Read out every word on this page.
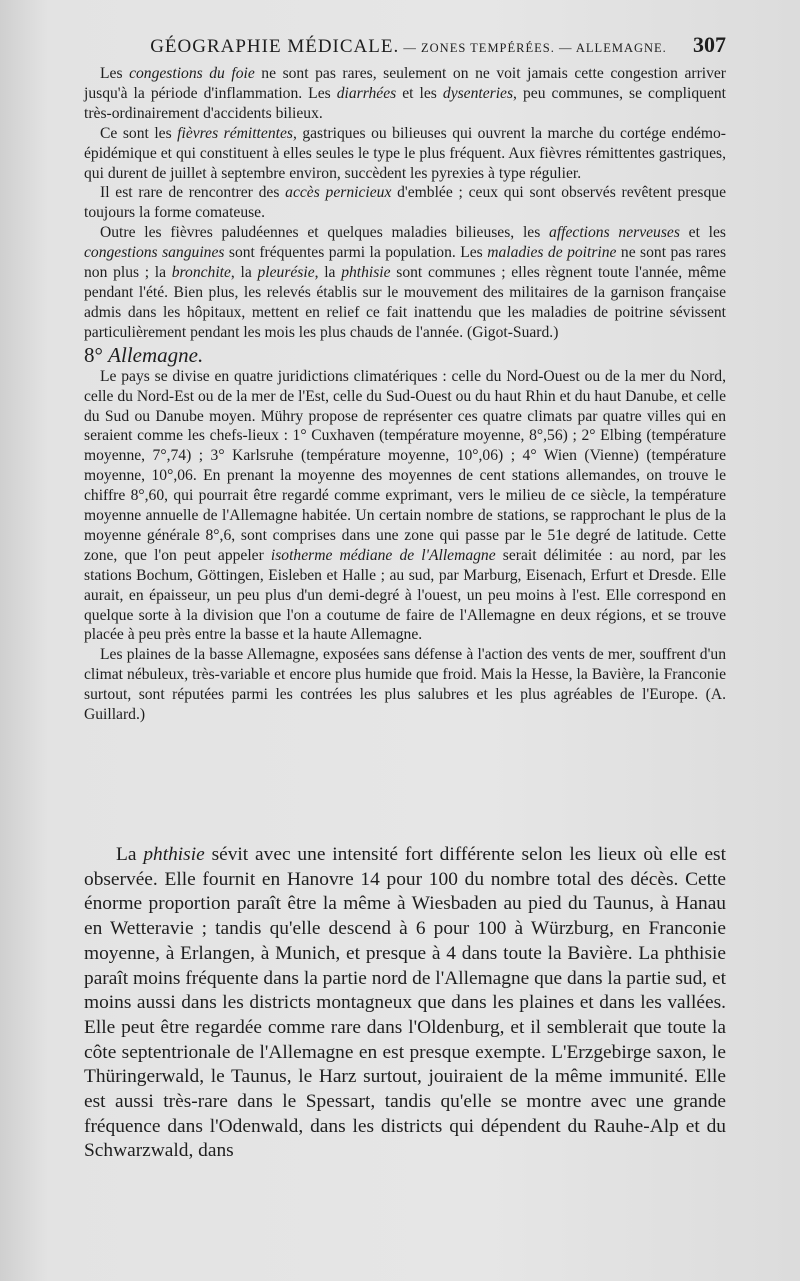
GÉOGRAPHIE MÉDICALE. — ZONES TEMPÉRÉES. — ALLEMAGNE.	307

Les congestions du foie ne sont pas rares, seulement on ne voit jamais cette congestion arriver jusqu'à la période d'inflammation. Les diarrhées et les dysenteries, peu communes, se compliquent très-ordinairement d'accidents bilieux.

Ce sont les fièvres rémittentes, gastriques ou bilieuses qui ouvrent la marche du cortége endémo-épidémique et qui constituent à elles seules le type le plus fréquent. Aux fièvres rémittentes gastriques, qui durent de juillet à septembre environ, succèdent les pyrexies à type régulier.

Il est rare de rencontrer des accès pernicieux d'emblée ; ceux qui sont observés revêtent presque toujours la forme comateuse.

Outre les fièvres paludéennes et quelques maladies bilieuses, les affections nerveuses et les congestions sanguines sont fréquentes parmi la population. Les maladies de poitrine ne sont pas rares non plus ; la bronchite, la pleurésie, la phthisie sont communes ; elles règnent toute l'année, même pendant l'été. Bien plus, les relevés établis sur le mouvement des militaires de la garnison française admis dans les hôpitaux, mettent en relief ce fait inattendu que les maladies de poitrine sévissent particulièrement pendant les mois les plus chauds de l'année. (Gigot-Suard.)

8° Allemagne.

Le pays se divise en quatre juridictions climatériques : celle du Nord-Ouest ou de la mer du Nord, celle du Nord-Est ou de la mer de l'Est, celle du Sud-Ouest ou du haut Rhin et du haut Danube, et celle du Sud ou Danube moyen. Mühry propose de représenter ces quatre climats par quatre villes qui en seraient comme les chefs-lieux : 1° Cuxhaven (température moyenne, 8°,56) ; 2° Elbing (température moyenne, 7°,74) ; 3° Karlsruhe (température moyenne, 10°,06) ; 4° Wien (Vienne) (température moyenne, 10°,06. En prenant la moyenne des moyennes de cent stations allemandes, on trouve le chiffre 8°,60, qui pourrait être regardé comme exprimant, vers le milieu de ce siècle, la température moyenne annuelle de l'Allemagne habitée. Un certain nombre de stations, se rapprochant le plus de la moyenne générale 8°,6, sont comprises dans une zone qui passe par le 51e degré de latitude. Cette zone, que l'on peut appeler isotherme médiane de l'Allemagne serait délimitée : au nord, par les stations Bochum, Göttingen, Eisleben et Halle ; au sud, par Marburg, Eisenach, Erfurt et Dresde. Elle aurait, en épaisseur, un peu plus d'un demi-degré à l'ouest, un peu moins à l'est. Elle correspond en quelque sorte à la division que l'on a coutume de faire de l'Allemagne en deux régions, et se trouve placée à peu près entre la basse et la haute Allemagne.

Les plaines de la basse Allemagne, exposées sans défense à l'action des vents de mer, souffrent d'un climat nébuleux, très-variable et encore plus humide que froid. Mais la Hesse, la Bavière, la Franconie surtout, sont réputées parmi les contrées les plus salubres et les plus agréables de l'Europe. (A. Guillard.)

La phthisie sévit avec une intensité fort différente selon les lieux où elle est observée. Elle fournit en Hanovre 14 pour 100 du nombre total des décès. Cette énorme proportion paraît être la même à Wiesbaden au pied du Taunus, à Hanau en Wetteravie ; tandis qu'elle descend à 6 pour 100 à Würzburg, en Franconie moyenne, à Erlangen, à Munich, et presque à 4 dans toute la Bavière. La phthisie paraît moins fréquente dans la partie nord de l'Allemagne que dans la partie sud, et moins aussi dans les districts montagneux que dans les plaines et dans les vallées. Elle peut être regardée comme rare dans l'Oldenburg, et il semblerait que toute la côte septentrionale de l'Allemagne en est presque exempte. L'Erzgebirge saxon, le Thüringerwald, le Taunus, le Harz surtout, jouiraient de la même immunité. Elle est aussi très-rare dans le Spessart, tandis qu'elle se montre avec une grande fréquence dans l'Odenwald, dans les districts qui dépendent du Rauhe-Alp et du Schwarzwald, dans
